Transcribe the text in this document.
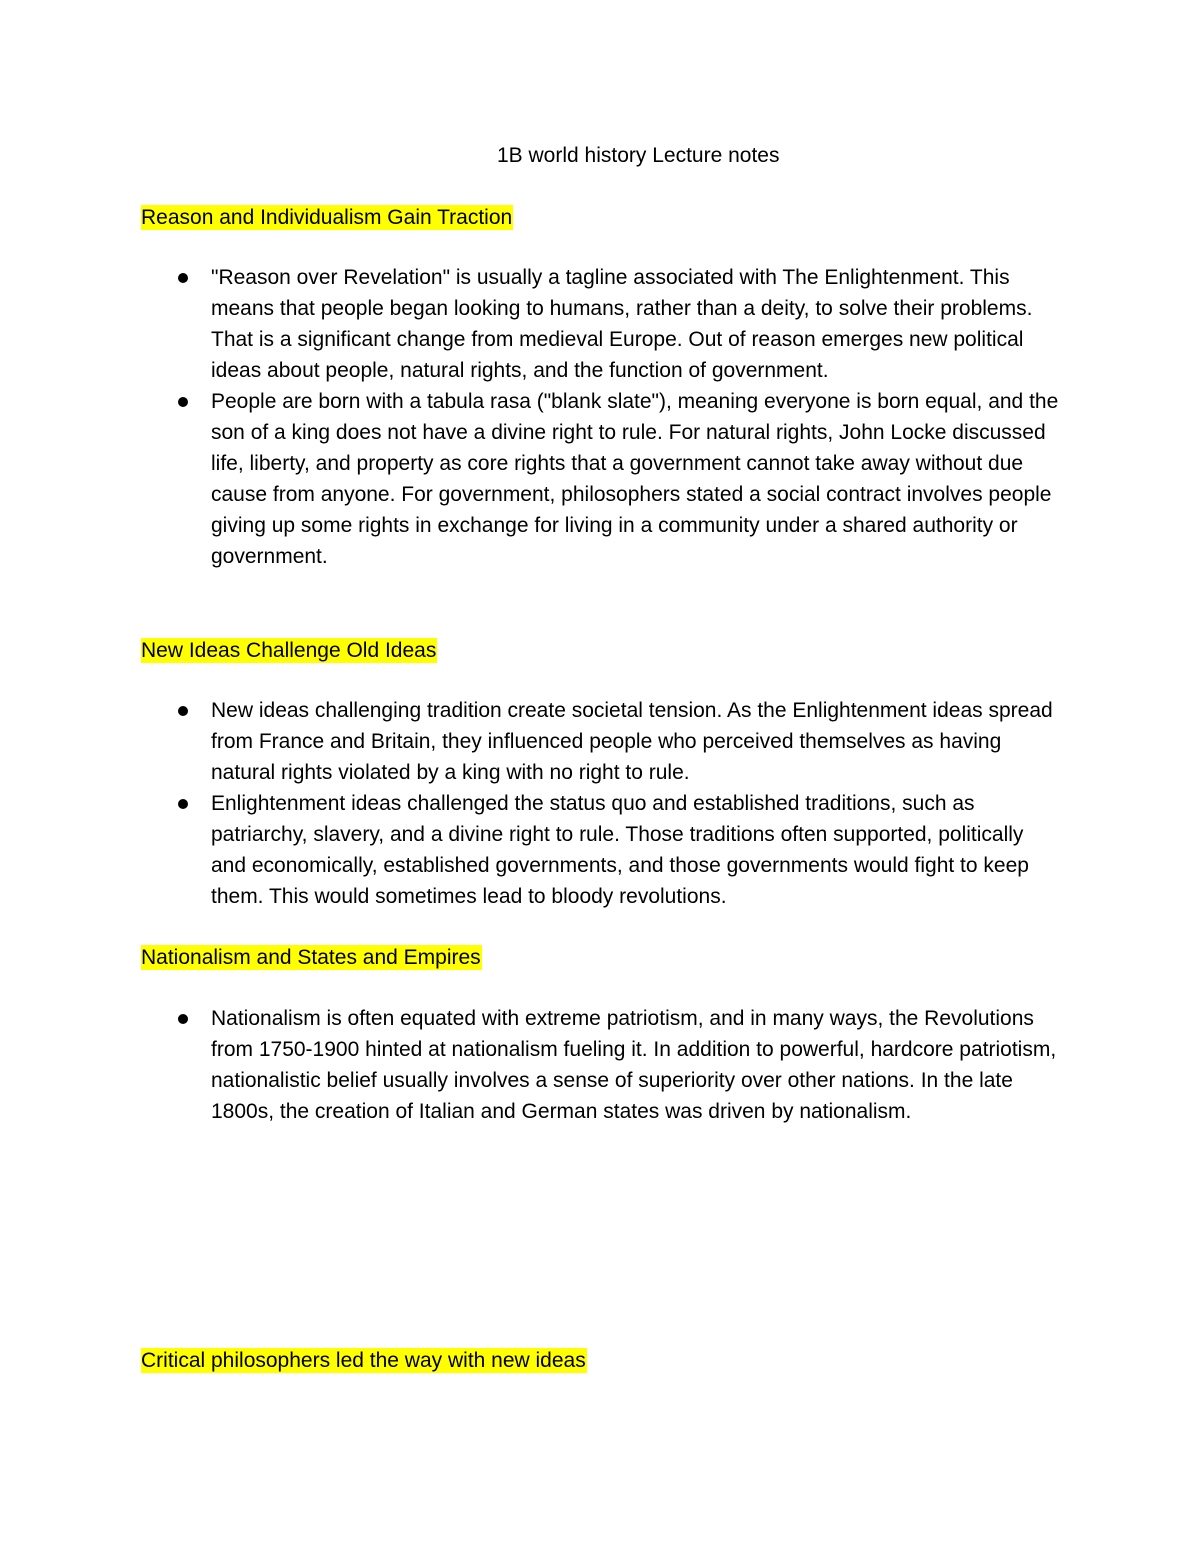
1B world history Lecture notes
Reason and Individualism Gain Traction
"Reason over Revelation" is usually a tagline associated with The Enlightenment. This means that people began looking to humans, rather than a deity, to solve their problems. That is a significant change from medieval Europe. Out of reason emerges new political ideas about people, natural rights, and the function of government.
People are born with a tabula rasa ("blank slate"), meaning everyone is born equal, and the son of a king does not have a divine right to rule. For natural rights, John Locke discussed life, liberty, and property as core rights that a government cannot take away without due cause from anyone. For government, philosophers stated a social contract involves people giving up some rights in exchange for living in a community under a shared authority or government.
New Ideas Challenge Old Ideas
New ideas challenging tradition create societal tension. As the Enlightenment ideas spread from France and Britain, they influenced people who perceived themselves as having natural rights violated by a king with no right to rule.
Enlightenment ideas challenged the status quo and established traditions, such as patriarchy, slavery, and a divine right to rule. Those traditions often supported, politically and economically, established governments, and those governments would fight to keep them. This would sometimes lead to bloody revolutions.
Nationalism and States and Empires
Nationalism is often equated with extreme patriotism, and in many ways, the Revolutions from 1750-1900 hinted at nationalism fueling it. In addition to powerful, hardcore patriotism, nationalistic belief usually involves a sense of superiority over other nations. In the late 1800s, the creation of Italian and German states was driven by nationalism.
Critical philosophers led the way with new ideas
